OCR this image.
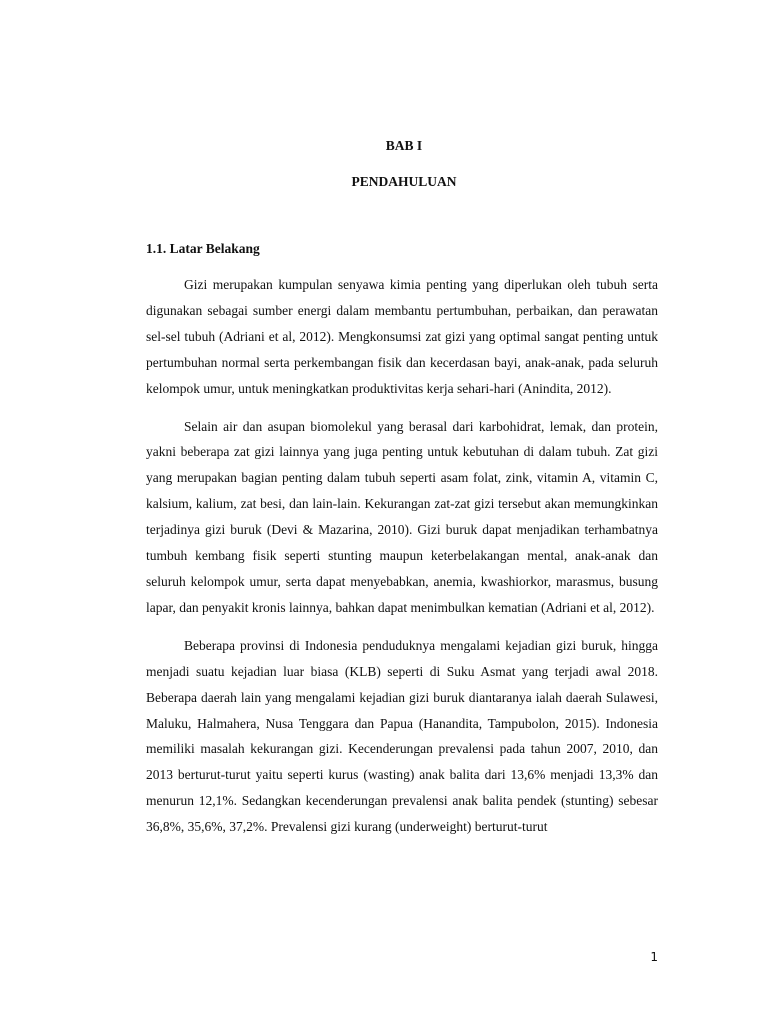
BAB I
PENDAHULUAN
1.1. Latar Belakang

Gizi merupakan kumpulan senyawa kimia penting yang diperlukan oleh tubuh serta digunakan sebagai sumber energi dalam membantu pertumbuhan, perbaikan, dan perawatan sel-sel tubuh (Adriani et al, 2012). Mengkonsumsi zat gizi yang optimal sangat penting untuk pertumbuhan normal serta perkembangan fisik dan kecerdasan bayi, anak-anak, pada seluruh kelompok umur, untuk meningkatkan produktivitas kerja sehari-hari (Anindita, 2012).

Selain air dan asupan biomolekul yang berasal dari karbohidrat, lemak, dan protein, yakni beberapa zat gizi lainnya yang juga penting untuk kebutuhan di dalam tubuh. Zat gizi yang merupakan bagian penting dalam tubuh seperti asam folat, zink, vitamin A, vitamin C, kalsium, kalium, zat besi, dan lain-lain. Kekurangan zat-zat gizi tersebut akan memungkinkan terjadinya gizi buruk (Devi & Mazarina, 2010). Gizi buruk dapat menjadikan terhambatnya tumbuh kembang fisik seperti stunting maupun keterbelakangan mental, anak-anak dan seluruh kelompok umur, serta dapat menyebabkan, anemia, kwashiorkor, marasmus, busung lapar, dan penyakit kronis lainnya, bahkan dapat menimbulkan kematian (Adriani et al, 2012).

Beberapa provinsi di Indonesia penduduknya mengalami kejadian gizi buruk, hingga menjadi suatu kejadian luar biasa (KLB) seperti di Suku Asmat yang terjadi awal 2018. Beberapa daerah lain yang mengalami kejadian gizi buruk diantaranya ialah daerah Sulawesi, Maluku, Halmahera, Nusa Tenggara dan Papua (Hanandita, Tampubolon, 2015). Indonesia memiliki masalah kekurangan gizi. Kecenderungan prevalensi pada tahun 2007, 2010, dan 2013 berturut-turut yaitu seperti kurus (wasting) anak balita dari 13,6% menjadi 13,3% dan menurun 12,1%. Sedangkan kecenderungan prevalensi anak balita pendek (stunting) sebesar 36,8%, 35,6%, 37,2%. Prevalensi gizi kurang (underweight) berturut-turut

1
